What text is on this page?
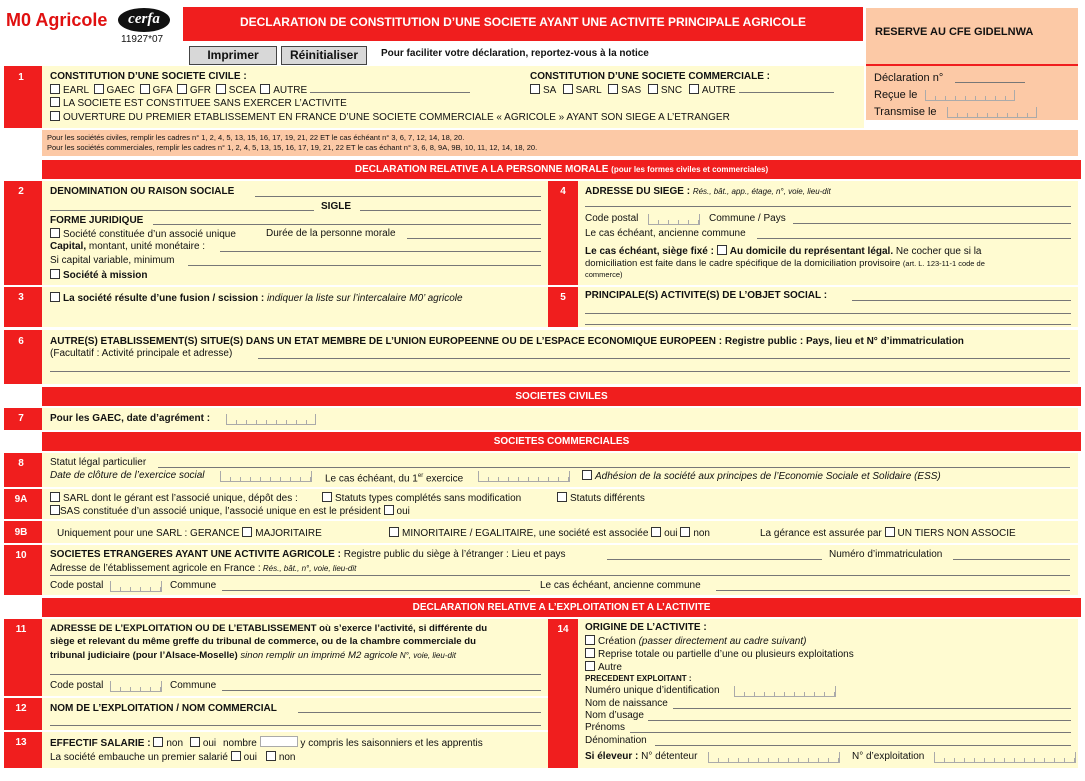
M0 Agricole	cerfa
11927*07
DECLARATION DE CONSTITUTION D’UNE SOCIETE AYANT UNE ACTIVITE PRINCIPALE AGRICOLE
Imprimer	Réinitialiser	Pour faciliter votre déclaration, reportez-vous à la notice
RESERVE AU CFE GIDELNWA
Déclaration n°
Reçue le
Transmise le
1	CONSTITUTION D’UNE SOCIETE CIVILE :
EARL GAEC GFA GFR SCEA AUTRE
LA SOCIETE EST CONSTITUEE SANS EXERCER L’ACTIVITE
OUVERTURE DU PREMIER ETABLISSEMENT EN FRANCE D’UNE SOCIETE COMMERCIALE « AGRICOLE » AYANT SON SIEGE A L’ETRANGER
CONSTITUTION D’UNE SOCIETE COMMERCIALE :
SA SARL SAS SNC AUTRE
Pour les sociétés civiles, remplir les cadres n° 1, 2, 4, 5, 13, 15, 16, 17, 19, 21, 22 ET le cas échéant n° 3, 6, 7, 12, 14, 18, 20.
Pour les sociétés commerciales, remplir les cadres n° 1, 2, 4, 5, 13, 15, 16, 17, 19, 21, 22 ET le cas échant n° 3, 6, 8, 9A, 9B, 10, 11, 12, 14, 18, 20.
DECLARATION RELATIVE A LA PERSONNE MORALE (pour les formes civiles et commerciales)
2	DENOMINATION OU RAISON SOCIALE
SIGLE
FORME JURIDIQUE
Société constituée d’un associé unique	Durée de la personne morale
Capital, montant, unité monétaire :
Si capital variable, minimum
Société à mission
4	ADRESSE DU SIEGE : Rés., bât., app., étage, n°, voie, lieu-dit
Code postal	Commune / Pays
Le cas échéant, ancienne commune
Le cas échéant, siège fixé : Au domicile du représentant légal. Ne cocher que si la
domiciliation est faite dans le cadre spécifique de la domiciliation provisoire (art. L. 123-11-1 code de
commerce)
3	La société résulte d’une fusion / scission : indiquer la liste sur l’intercalaire M0’ agricole	5	PRINCIPALE(S) ACTIVITE(S) DE L’OBJET SOCIAL :
6	AUTRE(S) ETABLISSEMENT(S) SITUE(S) DANS UN ETAT MEMBRE DE L’UNION EUROPEENNE OU DE L’ESPACE ECONOMIQUE EUROPEEN : Registre public : Pays, lieu et N° d’immatriculation
(Facultatif : Activité principale et adresse)
SOCIETES CIVILES
7	Pour les GAEC, date d’agrément :
SOCIETES COMMERCIALES
8	Statut légal particulier
Date de clôture de l’exercice social	Le cas échéant, du 1er exercice	Adhésion de la société aux principes de l’Economie Sociale et Solidaire (ESS)
9A	SARL dont le gérant est l’associé unique, dépôt des :	Statuts types complétés sans modification	Statuts différents
SAS constituée d’un associé unique, l’associé unique en est le président oui
9B	Uniquement pour une SARL : GERANCE MAJORITAIRE	MINORITAIRE / EGALITAIRE, une société est associée oui non	La gérance est assurée par UN TIERS NON ASSOCIE
10	SOCIETES ETRANGERES AYANT UNE ACTIVITE AGRICOLE : Registre public du siège à l’étranger : Lieu et pays	Numéro d’immatriculation
Adresse de l’établissement agricole en France : Rés., bât., n°, voie, lieu-dit
Code postal	Commune	Le cas échéant, ancienne commune
DECLARATION RELATIVE A L’EXPLOITATION ET A L’ACTIVITE
11	ADRESSE DE L’EXPLOITATION OU DE L’ETABLISSEMENT où s’exerce l’activité, si différente du
siège et relevant du même greffe du tribunal de commerce, ou de la chambre commerciale du
tribunal judiciaire (pour l’Alsace-Moselle) sinon remplir un imprimé M2 agricole N°, voie, lieu-dit
Code postal	Commune
12	NOM DE L’EXPLOITATION / NOM COMMERCIAL
13	EFFECTIF SALARIE : non oui nombre	y compris les saisonniers et les apprentis
La société embauche un premier salarié oui non
14	ORIGINE DE L’ACTIVITE :
Création (passer directement au cadre suivant)
Reprise totale ou partielle d’une ou plusieurs exploitations
Autre
PRECEDENT EXPLOITANT :
Numéro unique d’identification
Nom de naissance
Nom d’usage
Prénoms
Dénomination
Si éleveur : N° détenteur	N° d’exploitation
